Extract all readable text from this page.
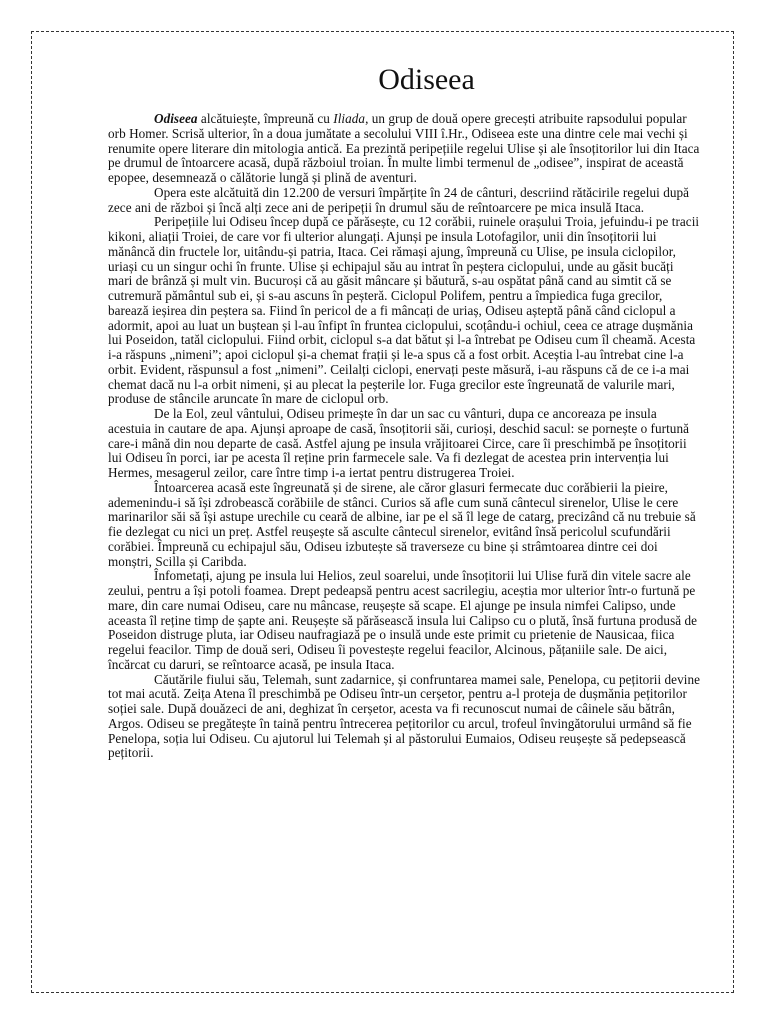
Odiseea

Odiseea alcătuiește, împreună cu Iliada, un grup de două opere grecești atribuite rapsodului popular orb Homer. Scrisă ulterior, în a doua jumătate a secolului VIII î.Hr., Odiseea este una dintre cele mai vechi și renumite opere literare din mitologia antică. Ea prezintă peripețiile regelui Ulise și ale însoțitorilor lui din Itaca pe drumul de întoarcere acasă, după războiul troian. În multe limbi termenul de „odisee”, inspirat de această epopee, desemnează o călătorie lungă și plină de aventuri.

Opera este alcătuită din 12.200 de versuri împărțite în 24 de cânturi, descriind rătăcirile regelui după zece ani de război și încă alți zece ani de peripeții în drumul său de reîntoarcere pe mica insulă Itaca.

Peripețiile lui Odiseu încep după ce părăsește, cu 12 corăbii, ruinele orașului Troia, jefuindu-i pe tracii kikoni, aliații Troiei, de care vor fi ulterior alungați. Ajunși pe insula Lotofagilor, unii din însoțitorii lui mănâncă din fructele lor, uitându-și patria, Itaca. Cei rămași ajung, împreună cu Ulise, pe insula ciclopilor, uriași cu un singur ochi în frunte. Ulise și echipajul său au intrat în peștera ciclopului, unde au găsit bucăți mari de brânză și mult vin. Bucuroși că au găsit mâncare și băutură, s-au ospătat până cand au simtit că se cutremură pământul sub ei, și s-au ascuns în peșteră. Ciclopul Polifem, pentru a împiedica fuga grecilor, barează ieșirea din peștera sa. Fiind în pericol de a fi mâncați de uriaș, Odiseu așteptă până când ciclopul a adormit, apoi au luat un buștean și l-au înfipt în fruntea ciclopului, scoțându-i ochiul, ceea ce atrage dușmănia lui Poseidon, tatăl ciclopului. Fiind orbit, ciclopul s-a dat bătut și l-a întrebat pe Odiseu cum îl cheamă. Acesta i-a răspuns „nimeni”; apoi ciclopul și-a chemat frații și le-a spus că a fost orbit. Aceștia l-au întrebat cine l-a orbit. Evident, răspunsul a fost „nimeni”. Ceilalți ciclopi, enervați peste măsură, i-au răspuns că de ce i-a mai chemat dacă nu l-a orbit nimeni, și au plecat la peșterile lor. Fuga grecilor este îngreunată de valurile mari, produse de stâncile aruncate în mare de ciclopul orb.

De la Eol, zeul vântului, Odiseu primește în dar un sac cu vânturi, dupa ce ancoreaza pe insula acestuia in cautare de apa. Ajunși aproape de casă, însoțitorii săi, curioși, deschid sacul: se pornește o furtună care-i mână din nou departe de casă. Astfel ajung pe insula vrăjitoarei Circe, care îi preschimbă pe însoțitorii lui Odiseu în porci, iar pe acesta îl reține prin farmecele sale. Va fi dezlegat de acestea prin intervenția lui Hermes, mesagerul zeilor, care între timp i-a iertat pentru distrugerea Troiei.

Întoarcerea acasă este îngreunată și de sirene, ale căror glasuri fermecate duc corăbierii la pieire, ademenindu-i să își zdrobească corăbiile de stânci. Curios să afle cum sună cântecul sirenelor, Ulise le cere marinarilor săi să își astupe urechile cu ceară de albine, iar pe el să îl lege de catarg, precizând că nu trebuie să fie dezlegat cu nici un preț. Astfel reușește să asculte cântecul sirenelor, evitând însă pericolul scufundării corăbiei. Împreună cu echipajul său, Odiseu izbutește să traverseze cu bine și strâmtoarea dintre cei doi monștri, Scilla și Caribda.

Înfometați, ajung pe insula lui Helios, zeul soarelui, unde însoțitorii lui Ulise fură din vitele sacre ale zeului, pentru a își potoli foamea. Drept pedeapsă pentru acest sacrilegiu, aceștia mor ulterior într-o furtună pe mare, din care numai Odiseu, care nu mâncase, reușește să scape. El ajunge pe insula nimfei Calipso, unde aceasta îl reține timp de șapte ani. Reușește să părăsească insula lui Calipso cu o plută, însă furtuna produsă de Poseidon distruge pluta, iar Odiseu naufragiază pe o insulă unde este primit cu prietenie de Nausicaa, fiica regelui feacilor. Timp de două seri, Odiseu îi povestește regelui feacilor, Alcinous, pățaniile sale. De aici, încărcat cu daruri, se reîntoarce acasă, pe insula Itaca.

Căutările fiului său, Telemah, sunt zadarnice, și confruntarea mamei sale, Penelopa, cu pețitorii devine tot mai acută. Zeița Atena îl preschimbă pe Odiseu într-un cerșetor, pentru a-l proteja de dușmănia pețitorilor soției sale. După douăzeci de ani, deghizat în cerșetor, acesta va fi recunoscut numai de câinele său bătrân, Argos. Odiseu se pregătește în taină pentru întrecerea pețitorilor cu arcul, trofeul învingătorului urmând să fie Penelopa, soția lui Odiseu. Cu ajutorul lui Telemah și al păstorului Eumaios, Odiseu reușește să pedepsească pețitorii.
